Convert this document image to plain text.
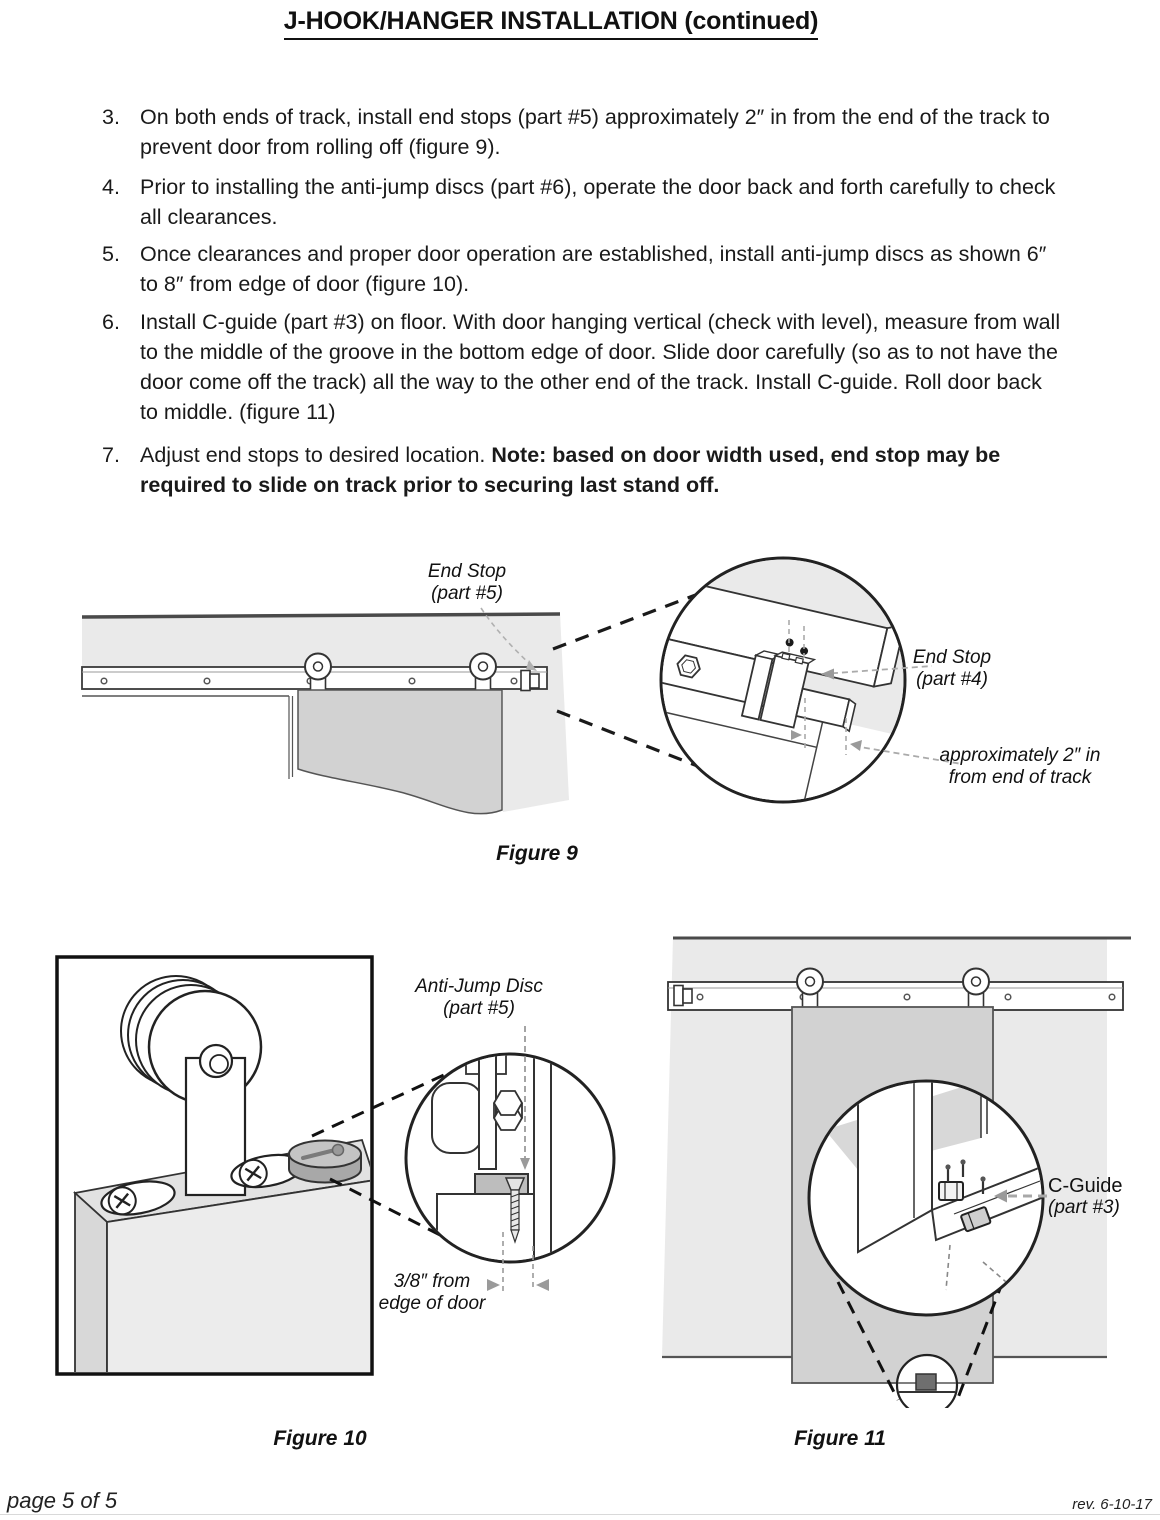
J-HOOK/HANGER INSTALLATION (continued)
3. On both ends of track, install end stops (part #5) approximately 2″ in from the end of the track to prevent door from rolling off (figure 9).
4. Prior to installing the anti-jump discs (part #6), operate the door back and forth carefully to check all clearances.
5. Once clearances and proper door operation are established, install anti-jump discs as shown 6″ to 8″ from edge of door (figure 10).
6. Install C-guide (part #3) on floor. With door hanging vertical (check with level), measure from wall to the middle of the groove in the bottom edge of door. Slide door carefully (so as to not have the door come off the track) all the way to the other end of the track. Install C-guide. Roll door back to middle. (figure 11)
7. Adjust end stops to desired location. Note: based on door width used, end stop may be required to slide on track prior to securing last stand off.
End Stop
(part #5)
End Stop
(part #4)
approximately 2″ in
from end of track
Figure 9
Anti-Jump Disc
(part #5)
3/8″ from
edge of door
Figure 10
C-Guide
(part #3)
Figure 11
page 5 of 5	rev. 6-10-17
